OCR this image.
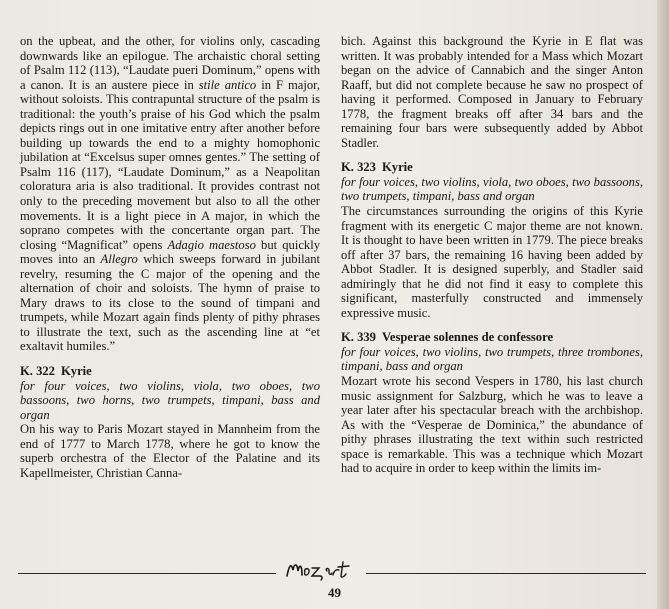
on the upbeat, and the other, for violins only, cascading downwards like an epilogue. The archaistic choral setting of Psalm 112 (113), “Laudate pueri Dominum,” opens with a canon. It is an austere piece in stile antico in F major, without soloists. This contrapuntal structure of the psalm is traditional: the youth’s praise of his God which the psalm depicts rings out in one imitative entry after another before building up towards the end to a mighty homophonic jubilation at “Excelsus super omnes gentes.” The setting of Psalm 116 (117), “Laudate Dominum,” as a Neapolitan coloratura aria is also traditional. It provides contrast not only to the preceding movement but also to all the other movements. It is a light piece in A major, in which the soprano competes with the concertante organ part. The closing “Magnificat” opens Adagio maestoso but quickly moves into an Allegro which sweeps forward in jubilant revelry, resuming the C major of the opening and the alternation of choir and soloists. The hymn of praise to Mary draws to its close to the sound of timpani and trumpets, while Mozart again finds plenty of pithy phrases to illustrate the text, such as the ascending line at “et exaltavit humiles.”

K. 322 Kyrie

for four voices, two violins, viola, two oboes, two bassoons, two horns, two trumpets, timpani, bass and organ

On his way to Paris Mozart stayed in Mannheim from the end of 1777 to March 1778, where he got to know the superb orchestra of the Elector of the Palatine and its Kapellmeister, Christian Canna-

bich. Against this background the Kyrie in E flat was written. It was probably intended for a Mass which Mozart began on the advice of Cannabich and the singer Anton Raaff, but did not complete because he saw no prospect of having it performed. Composed in January to February 1778, the fragment breaks off after 34 bars and the remaining four bars were subsequently added by Abbot Stadler.

K. 323 Kyrie

for four voices, two violins, viola, two oboes, two bassoons, two trumpets, timpani, bass and organ

The circumstances surrounding the origins of this Kyrie fragment with its energetic C major theme are not known. It is thought to have been written in 1779. The piece breaks off after 37 bars, the remaining 16 having been added by Abbot Stadler. It is designed superbly, and Stadler said admiringly that he did not find it easy to complete this significant, masterfully constructed and immensely expressive music.

K. 339 Vesperae solennes de confessore

for four voices, two violins, two trumpets, three trombones, timpani, bass and organ

Mozart wrote his second Vespers in 1780, his last church music assignment for Salzburg, which he was to leave a year later after his spectacular breach with the archbishop. As with the “Vesperae de Dominica,” the abundance of pithy phrases illustrating the text within such restricted space is remarkable. This was a technique which Mozart had to acquire in order to keep within the limits im-

49
